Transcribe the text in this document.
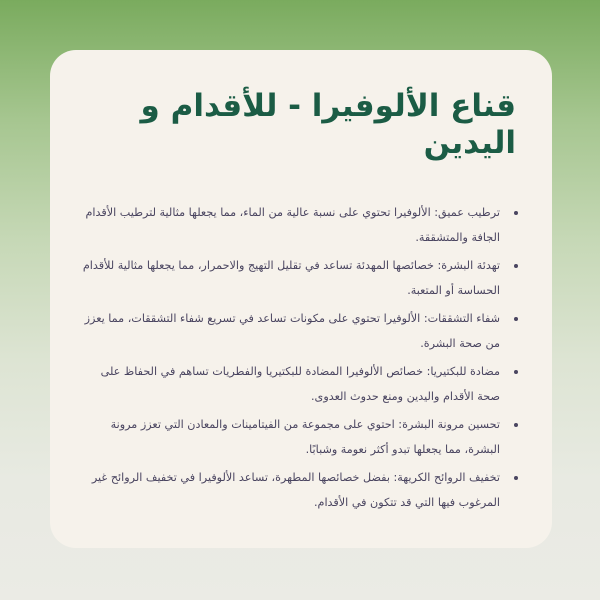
قناع الألوفيرا - للأقدام و اليدين
ترطيب عميق: الألوفيرا تحتوي على نسبة عالية من الماء، مما يجعلها مثالية لترطيب الأقدام الجافة والمتشققة.
تهدئة البشرة: خصائصها المهدئة تساعد في تقليل التهيج والاحمرار، مما يجعلها مثالية للأقدام الحساسة أو المتعبة.
شفاء التشققات: الألوفيرا تحتوي على مكونات تساعد في تسريع شفاء التشققات، مما يعزز من صحة البشرة.
مضادة للبكتيريا: خصائص الألوفيرا المضادة للبكتيريا والفطريات تساهم في الحفاظ على صحة الأقدام واليدين ومنع حدوث العدوى.
تحسين مرونة البشرة: احتوي على مجموعة من الفيتامينات والمعادن التي تعزز مرونة البشرة، مما يجعلها تبدو أكثر نعومة وشبابًا.
تخفيف الروائح الكريهة: بفضل خصائصها المطهرة، تساعد الألوفيرا في تخفيف الروائح غير المرغوب فيها التي قد تتكون في الأقدام.
